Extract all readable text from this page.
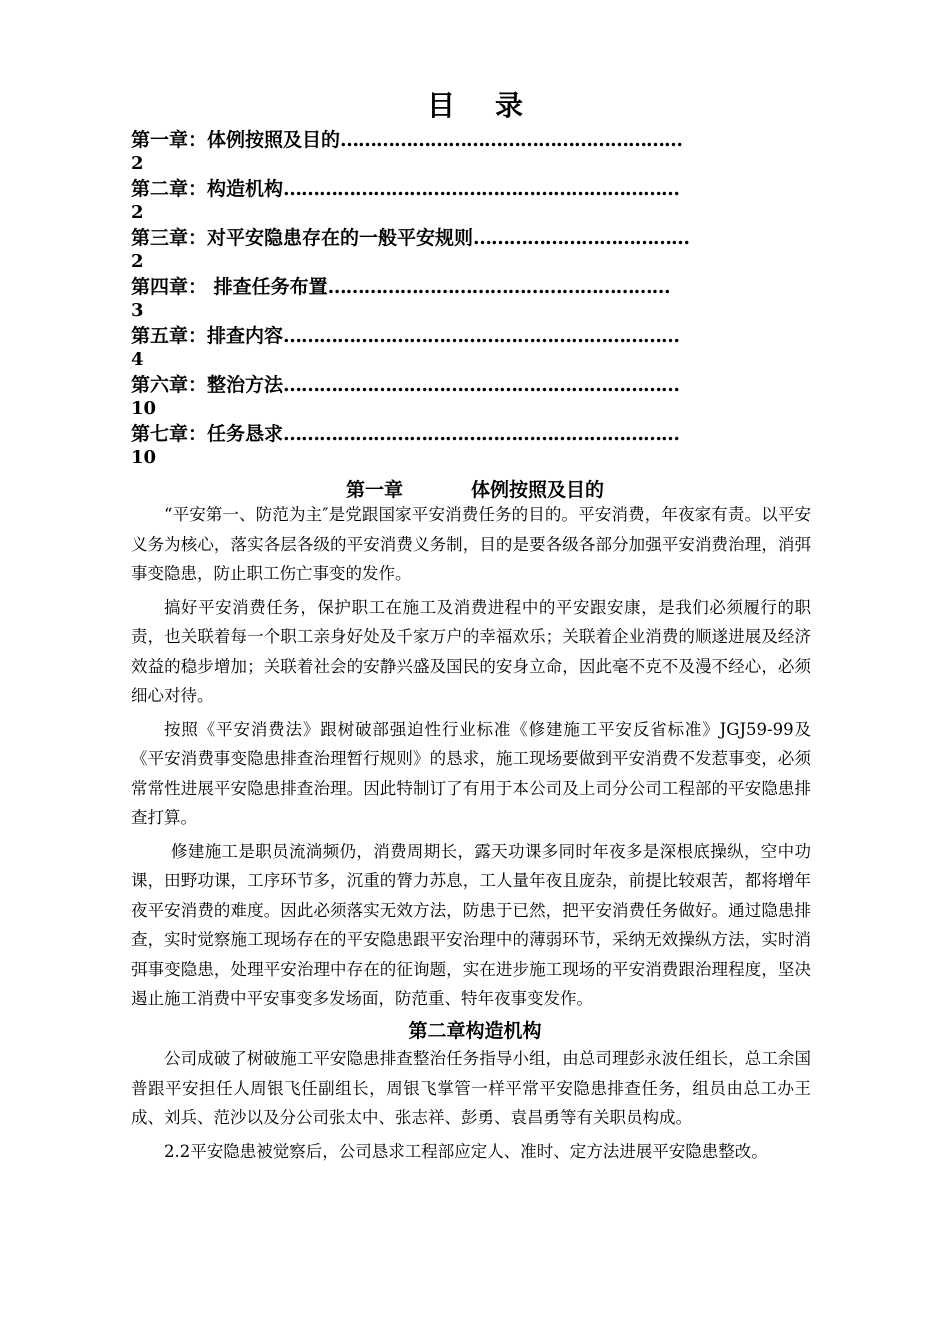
目 录
第一章：体例按照及目的…………………………………………………
2
第二章：构造机构…………………………………………………………
2
第三章：对平安隐患存在的一般平安规则………………………………
2
第四章： 排查任务布置…………………………………………………
3
第五章：排查内容…………………………………………………………
4
第六章：整治方法…………………………………………………………
10
第七章：任务恳求…………………………………………………………
10
第一章	体例按照及目的

“平安第一、防范为主″是党跟国家平安消费任务的目的。平安消费，年夜家有责。以平安义务为核心，落实各层各级的平安消费义务制，目的是要各级各部分加强平安消费治理，消弭事变隐患，防止职工伤亡事变的发作。

搞好平安消费任务，保护职工在施工及消费进程中的平安跟安康，是我们必须履行的职责，也关联着每一个职工亲身好处及千家万户的幸福欢乐；关联着企业消费的顺遂进展及经济效益的稳步增加；关联着社会的安静兴盛及国民的安身立命，因此毫不克不及漫不经心，必须细心对待。

按照《平安消费法》跟树破部强迫性行业标准《修建施工平安反省标准》JGJ59-99及《平安消费事变隐患排查治理暂行规则》的恳求，施工现场要做到平安消费不发惹事变，必须常常性进展平安隐患排查治理。因此特制订了有用于本公司及上司分公司工程部的平安隐患排查打算。

修建施工是职员流淌频仍，消费周期长，露天功课多同时年夜多是深根底操纵，空中功课，田野功课，工序环节多，沉重的膂力苏息，工人量年夜且庞杂，前提比较艰苦，都将增年夜平安消费的难度。因此必须落实无效方法，防患于已然，把平安消费任务做好。通过隐患排查，实时觉察施工现场存在的平安隐患跟平安治理中的薄弱环节，采纳无效操纵方法，实时消弭事变隐患，处理平安治理中存在的征询题，实在进步施工现场的平安消费跟治理程度，坚决遏止施工消费中平安事变多发场面，防范重、特年夜事变发作。

第二章构造机构

公司成破了树破施工平安隐患排查整治任务指导小组，由总司理彭永波任组长，总工余国普跟平安担任人周银飞任副组长，周银飞掌管一样平常平安隐患排查任务，组员由总工办王成、刘兵、范沙以及分公司张太中、张志祥、彭勇、袁昌勇等有关职员构成。

2.2平安隐患被觉察后，公司恳求工程部应定人、准时、定方法进展平安隐患整改。
